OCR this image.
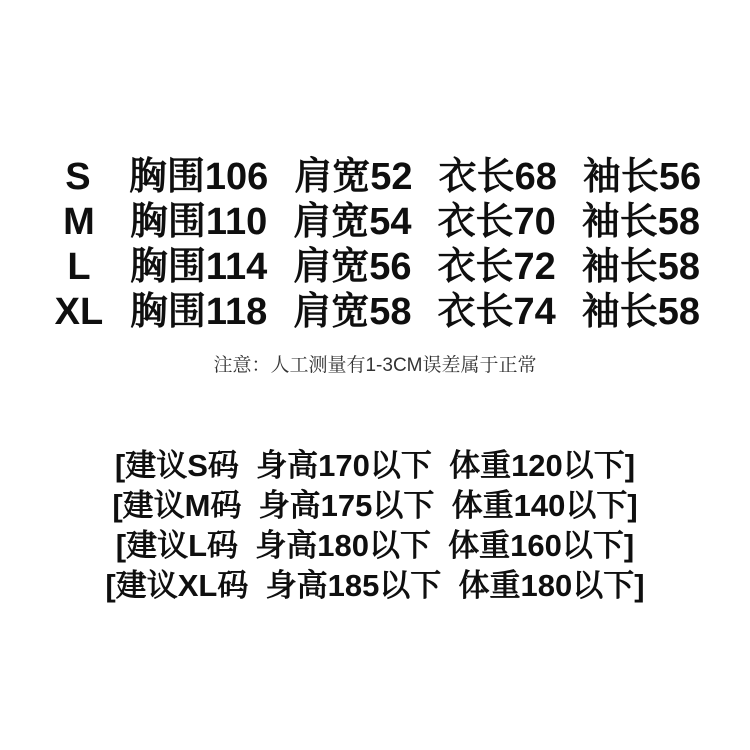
S	胸围106 肩宽52 衣长68 袖长56
M 胸围110 肩宽54 衣长70 袖长58
L	胸围114 肩宽56 衣长72 袖长58
XL 胸围118 肩宽58 衣长74 袖长58
注意：人工测量有1-3CM误差属于正常
[建议S码  身高170以下  体重120以下]
[建议M码  身高175以下  体重140以下]
[建议L码  身高180以下  体重160以下]
[建议XL码  身高185以下  体重180以下]
